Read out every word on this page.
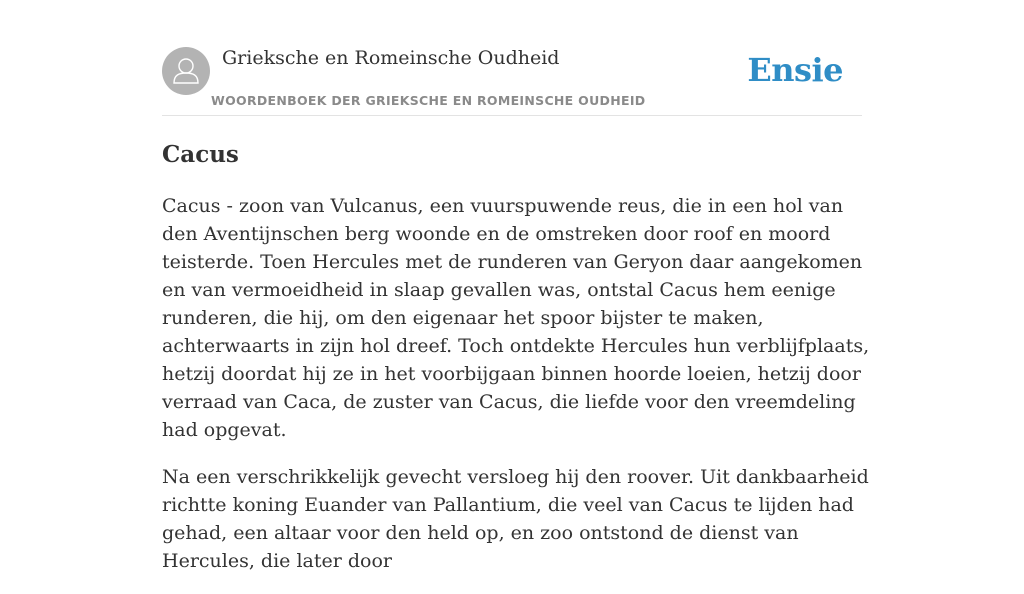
Grieksche en Romeinsche Oudheid
WOORDENBOEK DER GRIEKSCHE EN ROMEINSCHE OUDHEID
Ensie
Cacus

Cacus - zoon van Vulcanus, een vuurspuwende reus, die in een hol van den Aventijnschen berg woonde en de omstreken door roof en moord teisterde. Toen Hercules met de runderen van Geryon daar aangekomen en van vermoeidheid in slaap gevallen was, ontstal Cacus hem eenige runderen, die hij, om den eigenaar het spoor bijster te maken, achterwaarts in zijn hol dreef. Toch ontdekte Hercules hun verblijfplaats, hetzij doordat hij ze in het voorbijgaan binnen hoorde loeien, hetzij door verraad van Caca, de zuster van Cacus, die liefde voor den vreemdeling had opgevat.

Na een verschrikkelijk gevecht versloeg hij den roover. Uit dankbaarheid richtte koning Euander van Pallantium, die veel van Cacus te lijden had gehad, een altaar voor den held op, en zoo ontstond de dienst van Hercules, die later door
